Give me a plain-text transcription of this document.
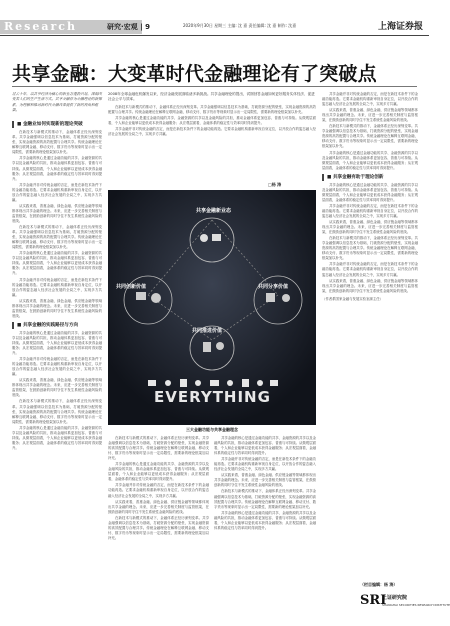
Research	研究·宏观 | 9	2020年9月30日 星期三 主编: 沈 嘉 责任编辑: 沈 嘉 制作: 沈嘉	上海证券报
共享金融：大变革时代金融理论有了突破点
过去十年，以共享经济为核心的新业态蓬勃兴起，深刻改变着人们的生产生活方式。共享金融作为金融理论的新探索，为理解和推动新时代金融改革提供了新的视角和框架。
■ 金融业如何实现新的理论突破

在新技术与新模式的推动下，金融体系正经历深刻变革。共享金融强调以信息技术为基础，打破资源分配的壁垒，实现金融资源的高效配置与合理共享。传统金融理论在解释互联网金融、移动支付、数字货币等现象时显示出一定局限性，需要新的理论框架加以补充。

共享金融的核心是通过金融功能的共享、金融资源的共享以及金融风险的共担，推动金融体系更加包容、普惠与可持续。从微观层面看，个人和企业能够以更低成本获得金融服务；从宏观层面看，金融体系的稳定性与效率同时得到提升。

共享金融并非对传统金融的否定，而是在新技术条件下的金融功能再造。它要求金融机构重新审视自身定位，以开放合作的姿态融入经济社会发展的全局之中，实现多方共赢。

从实践来看，普惠金融、绿色金融、供应链金融等领域都体现出共享金融的理念。未来，应进一步完善相关制度与监管框架，在鼓励创新的同时守住不发生系统性金融风险的底线。

在新技术与新模式的推动下，金融体系正经历深刻变革。共享金融强调以信息技术为基础，打破资源分配的壁垒，实现金融资源的高效配置与合理共享。传统金融理论在解释互联网金融、移动支付、数字货币等现象时显示出一定局限性，需要新的理论框架加以补充。

共享金融的核心是通过金融功能的共享、金融资源的共享以及金融风险的共担，推动金融体系更加包容、普惠与可持续。从微观层面看，个人和企业能够以更低成本获得金融服务；从宏观层面看，金融体系的稳定性与效率同时得到提升。

共享金融并非对传统金融的否定，而是在新技术条件下的金融功能再造。它要求金融机构重新审视自身定位，以开放合作的姿态融入经济社会发展的全局之中，实现多方共赢。

从实践来看，普惠金融、绿色金融、供应链金融等领域都体现出共享金融的理念。未来，应进一步完善相关制度与监管框架，在鼓励创新的同时守住不发生系统性金融风险的底线。

■ 共享金融的实践路径与方向

共享金融的核心是通过金融功能的共享、金融资源的共享以及金融风险的共担，推动金融体系更加包容、普惠与可持续。从微观层面看，个人和企业能够以更低成本获得金融服务；从宏观层面看，金融体系的稳定性与效率同时得到提升。

共享金融并非对传统金融的否定，而是在新技术条件下的金融功能再造。它要求金融机构重新审视自身定位，以开放合作的姿态融入经济社会发展的全局之中，实现多方共赢。

从实践来看，普惠金融、绿色金融、供应链金融等领域都体现出共享金融的理念。未来，应进一步完善相关制度与监管框架，在鼓励创新的同时守住不发生系统性金融风险的底线。

在新技术与新模式的推动下，金融体系正经历深刻变革。共享金融强调以信息技术为基础，打破资源分配的壁垒，实现金融资源的高效配置与合理共享。传统金融理论在解释互联网金融、移动支付、数字货币等现象时显示出一定局限性，需要新的理论框架加以补充。

共享金融的核心是通过金融功能的共享、金融资源的共享以及金融风险的共担，推动金融体系更加包容、普惠与可持续。从微观层面看，个人和企业能够以更低成本获得金融服务；从宏观层面看，金融体系的稳定性与效率同时得到提升。

2008年全球金融危机爆发以来，经济金融发展面临诸多新挑战。共享金融理论的提出，试图回答金融如何更好服务实体经济、促进社会公平与效率。

在新技术与新模式的推动下，金融体系正经历深刻变革。共享金融强调以信息技术为基础，打破资源分配的壁垒，实现金融资源的高效配置与合理共享。传统金融理论在解释互联网金融、移动支付、数字货币等现象时显示出一定局限性，需要新的理论框架加以补充。

共享金融的核心是通过金融功能的共享、金融资源的共享以及金融风险的共担，推动金融体系更加包容、普惠与可持续。从微观层面看，个人和企业能够以更低成本获得金融服务；从宏观层面看，金融体系的稳定性与效率同时得到提升。

共享金融并非对传统金融的否定，而是在新技术条件下的金融功能再造。它要求金融机构重新审视自身定位，以开放合作的姿态融入经济社会发展的全局之中，实现多方共赢。

□杨 涛
共享金融新业态
共同创新价值	共同分享价值
共同推进价值
EVERYTHING
三大金融功能与共享金融理念

在新技术与新模式的推动下，金融体系正经历深刻变革。共享金融强调以信息技术为基础，打破资源分配的壁垒，实现金融资源的高效配置与合理共享。传统金融理论在解释互联网金融、移动支付、数字货币等现象时显示出一定局限性，需要新的理论框架加以补充。

共享金融的核心是通过金融功能的共享、金融资源的共享以及金融风险的共担，推动金融体系更加包容、普惠与可持续。从微观层面看，个人和企业能够以更低成本获得金融服务；从宏观层面看，金融体系的稳定性与效率同时得到提升。

共享金融并非对传统金融的否定，而是在新技术条件下的金融功能再造。它要求金融机构重新审视自身定位，以开放合作的姿态融入经济社会发展的全局之中，实现多方共赢。

从实践来看，普惠金融、绿色金融、供应链金融等领域都体现出共享金融的理念。未来，应进一步完善相关制度与监管框架，在鼓励创新的同时守住不发生系统性金融风险的底线。

在新技术与新模式的推动下，金融体系正经历深刻变革。共享金融强调以信息技术为基础，打破资源分配的壁垒，实现金融资源的高效配置与合理共享。传统金融理论在解释互联网金融、移动支付、数字货币等现象时显示出一定局限性，需要新的理论框架加以补充。

共享金融的核心是通过金融功能的共享、金融资源的共享以及金融风险的共担，推动金融体系更加包容、普惠与可持续。从微观层面看，个人和企业能够以更低成本获得金融服务；从宏观层面看，金融体系的稳定性与效率同时得到提升。

共享金融并非对传统金融的否定，而是在新技术条件下的金融功能再造。它要求金融机构重新审视自身定位，以开放合作的姿态融入经济社会发展的全局之中，实现多方共赢。

从实践来看，普惠金融、绿色金融、供应链金融等领域都体现出共享金融的理念。未来，应进一步完善相关制度与监管框架，在鼓励创新的同时守住不发生系统性金融风险的底线。

在新技术与新模式的推动下，金融体系正经历深刻变革。共享金融强调以信息技术为基础，打破资源分配的壁垒，实现金融资源的高效配置与合理共享。传统金融理论在解释互联网金融、移动支付、数字货币等现象时显示出一定局限性，需要新的理论框架加以补充。

共享金融的核心是通过金融功能的共享、金融资源的共享以及金融风险的共担，推动金融体系更加包容、普惠与可持续。从微观层面看，个人和企业能够以更低成本获得金融服务；从宏观层面看，金融体系的稳定性与效率同时得到提升。

共享金融并非对传统金融的否定，而是在新技术条件下的金融功能再造。它要求金融机构重新审视自身定位，以开放合作的姿态融入经济社会发展的全局之中，实现多方共赢。

从实践来看，普惠金融、绿色金融、供应链金融等领域都体现出共享金融的理念。未来，应进一步完善相关制度与监管框架，在鼓励创新的同时守住不发生系统性金融风险的底线。

在新技术与新模式的推动下，金融体系正经历深刻变革。共享金融强调以信息技术为基础，打破资源分配的壁垒，实现金融资源的高效配置与合理共享。传统金融理论在解释互联网金融、移动支付、数字货币等现象时显示出一定局限性，需要新的理论框架加以补充。

共享金融的核心是通过金融功能的共享、金融资源的共享以及金融风险的共担，推动金融体系更加包容、普惠与可持续。从微观层面看，个人和企业能够以更低成本获得金融服务；从宏观层面看，金融体系的稳定性与效率同时得到提升。

■ 共享金融有助于理论创新

共享金融的核心是通过金融功能的共享、金融资源的共享以及金融风险的共担，推动金融体系更加包容、普惠与可持续。从微观层面看，个人和企业能够以更低成本获得金融服务；从宏观层面看，金融体系的稳定性与效率同时得到提升。

共享金融并非对传统金融的否定，而是在新技术条件下的金融功能再造。它要求金融机构重新审视自身定位，以开放合作的姿态融入经济社会发展的全局之中，实现多方共赢。

从实践来看，普惠金融、绿色金融、供应链金融等领域都体现出共享金融的理念。未来，应进一步完善相关制度与监管框架，在鼓励创新的同时守住不发生系统性金融风险的底线。

在新技术与新模式的推动下，金融体系正经历深刻变革。共享金融强调以信息技术为基础，打破资源分配的壁垒，实现金融资源的高效配置与合理共享。传统金融理论在解释互联网金融、移动支付、数字货币等现象时显示出一定局限性，需要新的理论框架加以补充。

共享金融并非对传统金融的否定，而是在新技术条件下的金融功能再造。它要求金融机构重新审视自身定位，以开放合作的姿态融入经济社会发展的全局之中，实现多方共赢。

从实践来看，普惠金融、绿色金融、供应链金融等领域都体现出共享金融的理念。未来，应进一步完善相关制度与监管框架，在鼓励创新的同时守住不发生系统性金融风险的底线。

（作者系国家金融与发展实验室副主任）
（栏目编辑：杨 涛）
SRI
上证研究院
SHANGHAI SECURITIES RESEARCH INSTITUTE
